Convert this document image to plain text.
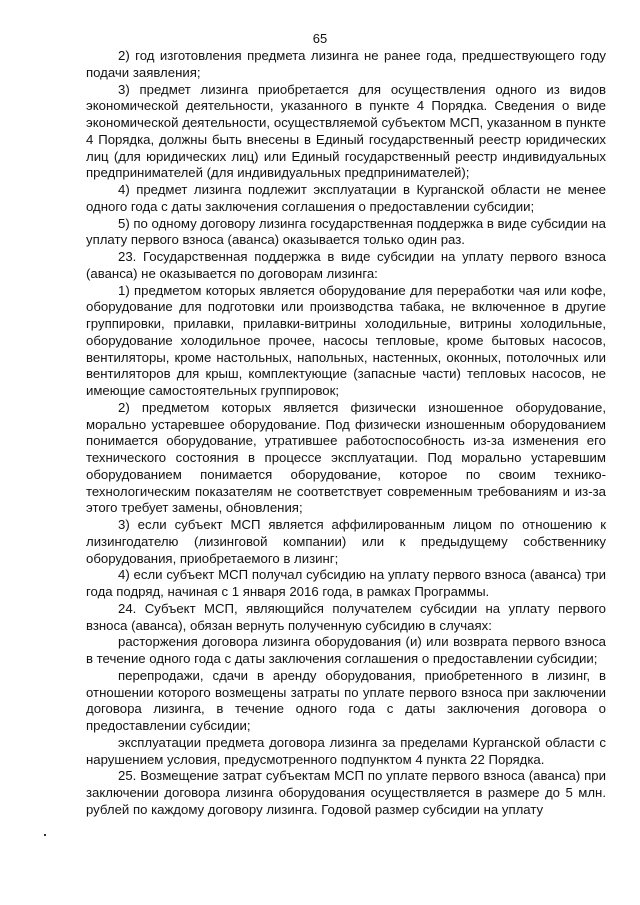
65

2) год изготовления предмета лизинга не ранее года, предшествующего году подачи заявления;

3) предмет лизинга приобретается для осуществления одного из видов экономической деятельности, указанного в пункте 4 Порядка. Сведения о виде экономической деятельности, осуществляемой субъектом МСП, указанном в пункте 4 Порядка, должны быть внесены в Единый государственный реестр юридических лиц (для юридических лиц) или Единый государственный реестр индивидуальных предпринимателей (для индивидуальных предпринимателей);

4) предмет лизинга подлежит эксплуатации в Курганской области не менее одного года с даты заключения соглашения о предоставлении субсидии;

5) по одному договору лизинга государственная поддержка в виде субсидии на уплату первого взноса (аванса) оказывается только один раз.

23. Государственная поддержка в виде субсидии на уплату первого взноса (аванса) не оказывается по договорам лизинга:

1) предметом которых является оборудование для переработки чая или кофе, оборудование для подготовки или производства табака, не включенное в другие группировки, прилавки, прилавки-витрины холодильные, витрины холодильные, оборудование холодильное прочее, насосы тепловые, кроме бытовых насосов, вентиляторы, кроме настольных, напольных, настенных, оконных, потолочных или вентиляторов для крыш, комплектующие (запасные части) тепловых насосов, не имеющие самостоятельных группировок;

2) предметом которых является физически изношенное оборудование, морально устаревшее оборудование. Под физически изношенным оборудованием понимается оборудование, утратившее работоспособность из-за изменения его технического состояния в процессе эксплуатации. Под морально устаревшим оборудованием понимается оборудование, которое по своим технико-технологическим показателям не соответствует современным требованиям и из-за этого требует замены, обновления;

3) если субъект МСП является аффилированным лицом по отношению к лизингодателю (лизинговой компании) или к предыдущему собственнику оборудования, приобретаемого в лизинг;

4) если субъект МСП получал субсидию на уплату первого взноса (аванса) три года подряд, начиная с 1 января 2016 года, в рамках Программы.

24. Субъект МСП, являющийся получателем субсидии на уплату первого взноса (аванса), обязан вернуть полученную субсидию в случаях:

расторжения договора лизинга оборудования (и) или возврата первого взноса в течение одного года с даты заключения соглашения о предоставлении субсидии;

перепродажи, сдачи в аренду оборудования, приобретенного в лизинг, в отношении которого возмещены затраты по уплате первого взноса при заключении договора лизинга, в течение одного года с даты заключения договора о предоставлении субсидии;

эксплуатации предмета договора лизинга за пределами Курганской области с нарушением условия, предусмотренного подпунктом 4 пункта 22 Порядка.

25. Возмещение затрат субъектам МСП по уплате первого взноса (аванса) при заключении договора лизинга оборудования осуществляется в размере до 5 млн. рублей по каждому договору лизинга. Годовой размер субсидии на уплату
